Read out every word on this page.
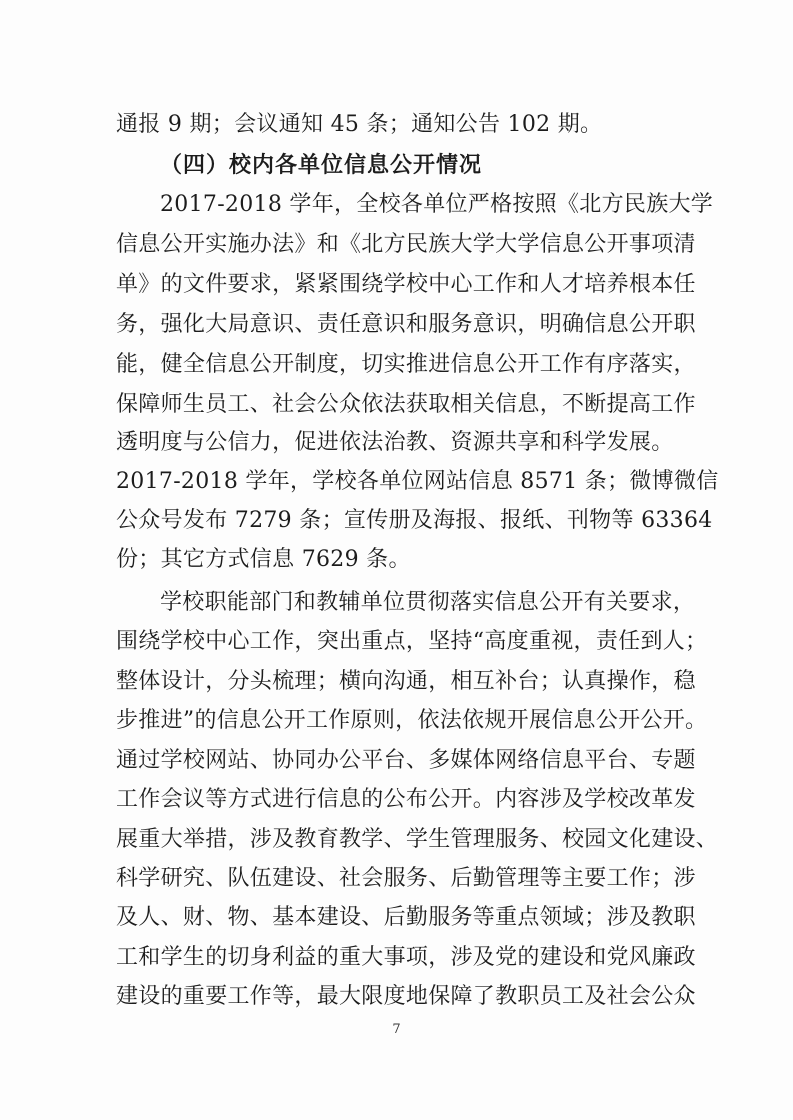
通报 9 期；会议通知 45 条；通知公告 102 期。
（四）校内各单位信息公开情况
2017-2018 学年，全校各单位严格按照《北方民族大学
信息公开实施办法》和《北方民族大学大学信息公开事项清
单》的文件要求，紧紧围绕学校中心工作和人才培养根本任
务，强化大局意识、责任意识和服务意识，明确信息公开职
能，健全信息公开制度，切实推进信息公开工作有序落实，
保障师生员工、社会公众依法获取相关信息，不断提高工作
透明度与公信力，促进依法治教、资源共享和科学发展。
2017-2018 学年，学校各单位网站信息 8571 条；微博微信
公众号发布 7279 条；宣传册及海报、报纸、刊物等 63364
份；其它方式信息 7629 条。
学校职能部门和教辅单位贯彻落实信息公开有关要求，
围绕学校中心工作，突出重点，坚持“高度重视，责任到人；
整体设计，分头梳理；横向沟通，相互补台；认真操作，稳
步推进”的信息公开工作原则，依法依规开展信息公开公开。
通过学校网站、协同办公平台、多媒体网络信息平台、专题
工作会议等方式进行信息的公布公开。内容涉及学校改革发
展重大举措，涉及教育教学、学生管理服务、校园文化建设、
科学研究、队伍建设、社会服务、后勤管理等主要工作；涉
及人、财、物、基本建设、后勤服务等重点领域；涉及教职
工和学生的切身利益的重大事项，涉及党的建设和党风廉政
建设的重要工作等，最大限度地保障了教职员工及社会公众
7
